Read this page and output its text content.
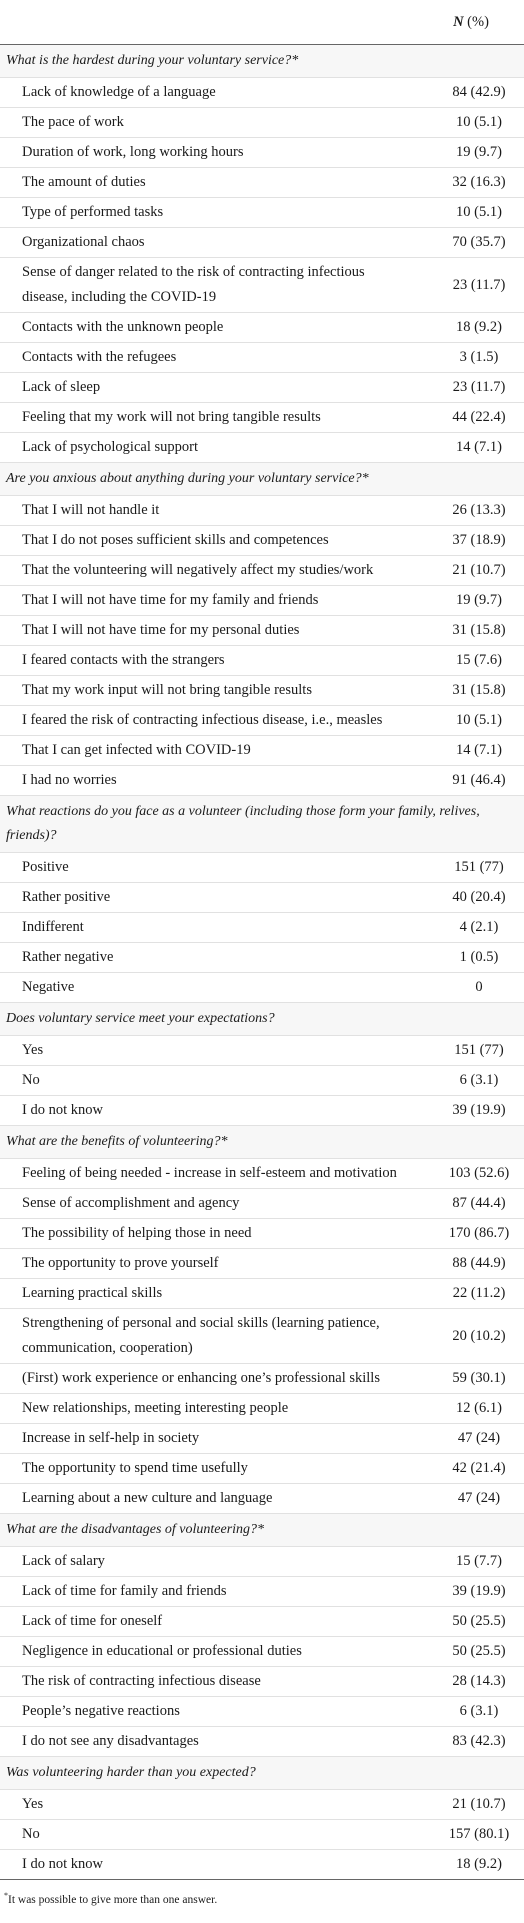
	N (%)
What is the hardest during your voluntary service?*	
Lack of knowledge of a language	84 (42.9)
The pace of work	10 (5.1)
Duration of work, long working hours	19 (9.7)
The amount of duties	32 (16.3)
Type of performed tasks	10 (5.1)
Organizational chaos	70 (35.7)
Sense of danger related to the risk of contracting infectious disease, including the COVID-19	23 (11.7)
Contacts with the unknown people	18 (9.2)
Contacts with the refugees	3 (1.5)
Lack of sleep	23 (11.7)
Feeling that my work will not bring tangible results	44 (22.4)
Lack of psychological support	14 (7.1)
Are you anxious about anything during your voluntary service?*	
That I will not handle it	26 (13.3)
That I do not poses sufficient skills and competences	37 (18.9)
That the volunteering will negatively affect my studies/work	21 (10.7)
That I will not have time for my family and friends	19 (9.7)
That I will not have time for my personal duties	31 (15.8)
I feared contacts with the strangers	15 (7.6)
That my work input will not bring tangible results	31 (15.8)
I feared the risk of contracting infectious disease, i.e., measles	10 (5.1)
That I can get infected with COVID-19	14 (7.1)
I had no worries	91 (46.4)
What reactions do you face as a volunteer (including those form your family, relives, friends)?	
Positive	151 (77)
Rather positive	40 (20.4)
Indifferent	4 (2.1)
Rather negative	1 (0.5)
Negative	0
Does voluntary service meet your expectations?	
Yes	151 (77)
No	6 (3.1)
I do not know	39 (19.9)
What are the benefits of volunteering?*	
Feeling of being needed - increase in self-esteem and motivation	103 (52.6)
Sense of accomplishment and agency	87 (44.4)
The possibility of helping those in need	170 (86.7)
The opportunity to prove yourself	88 (44.9)
Learning practical skills	22 (11.2)
Strengthening of personal and social skills (learning patience, communication, cooperation)	20 (10.2)
(First) work experience or enhancing one’s professional skills	59 (30.1)
New relationships, meeting interesting people	12 (6.1)
Increase in self-help in society	47 (24)
The opportunity to spend time usefully	42 (21.4)
Learning about a new culture and language	47 (24)
What are the disadvantages of volunteering?*	
Lack of salary	15 (7.7)
Lack of time for family and friends	39 (19.9)
Lack of time for oneself	50 (25.5)
Negligence in educational or professional duties	50 (25.5)
The risk of contracting infectious disease	28 (14.3)
People’s negative reactions	6 (3.1)
I do not see any disadvantages	83 (42.3)
Was volunteering harder than you expected?	
Yes	21 (10.7)
No	157 (80.1)
I do not know	18 (9.2)
*It was possible to give more than one answer.
